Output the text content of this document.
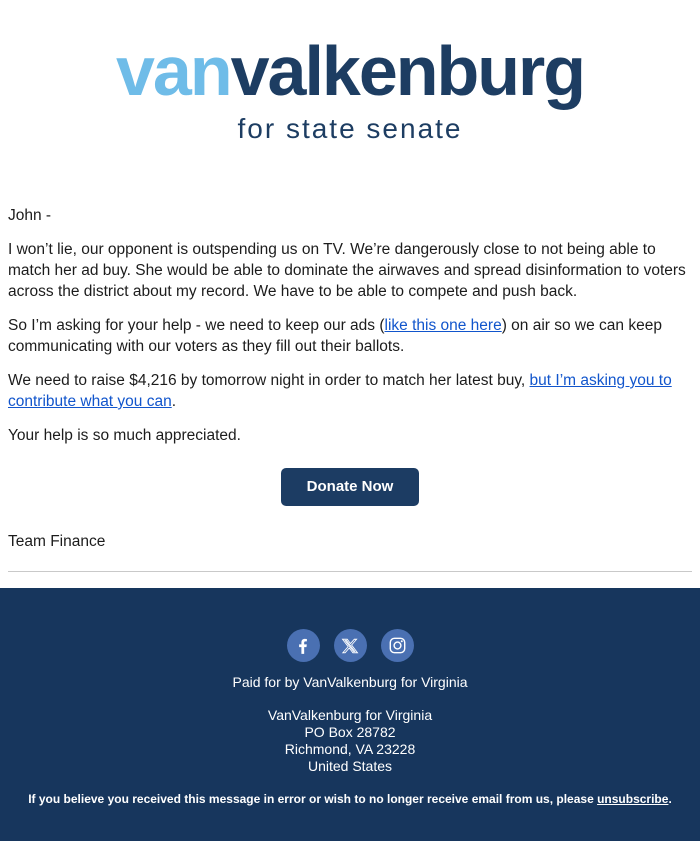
vanvalkenburg
for state senate

John -

I won’t lie, our opponent is outspending us on TV. We’re dangerously close to not being able to match her ad buy. She would be able to dominate the airwaves and spread disinformation to voters across the district about my record. We have to be able to compete and push back.

So I’m asking for your help - we need to keep our ads (like this one here) on air so we can keep communicating with our voters as they fill out their ballots.

We need to raise $4,216 by tomorrow night in order to match her latest buy, but I’m asking you to contribute what you can.

Your help is so much appreciated.

Donate Now

Team Finance

Paid for by VanValkenburg for Virginia
VanValkenburg for Virginia
PO Box 28782
Richmond, VA 23228
United States
If you believe you received this message in error or wish to no longer receive email from us, please unsubscribe.
